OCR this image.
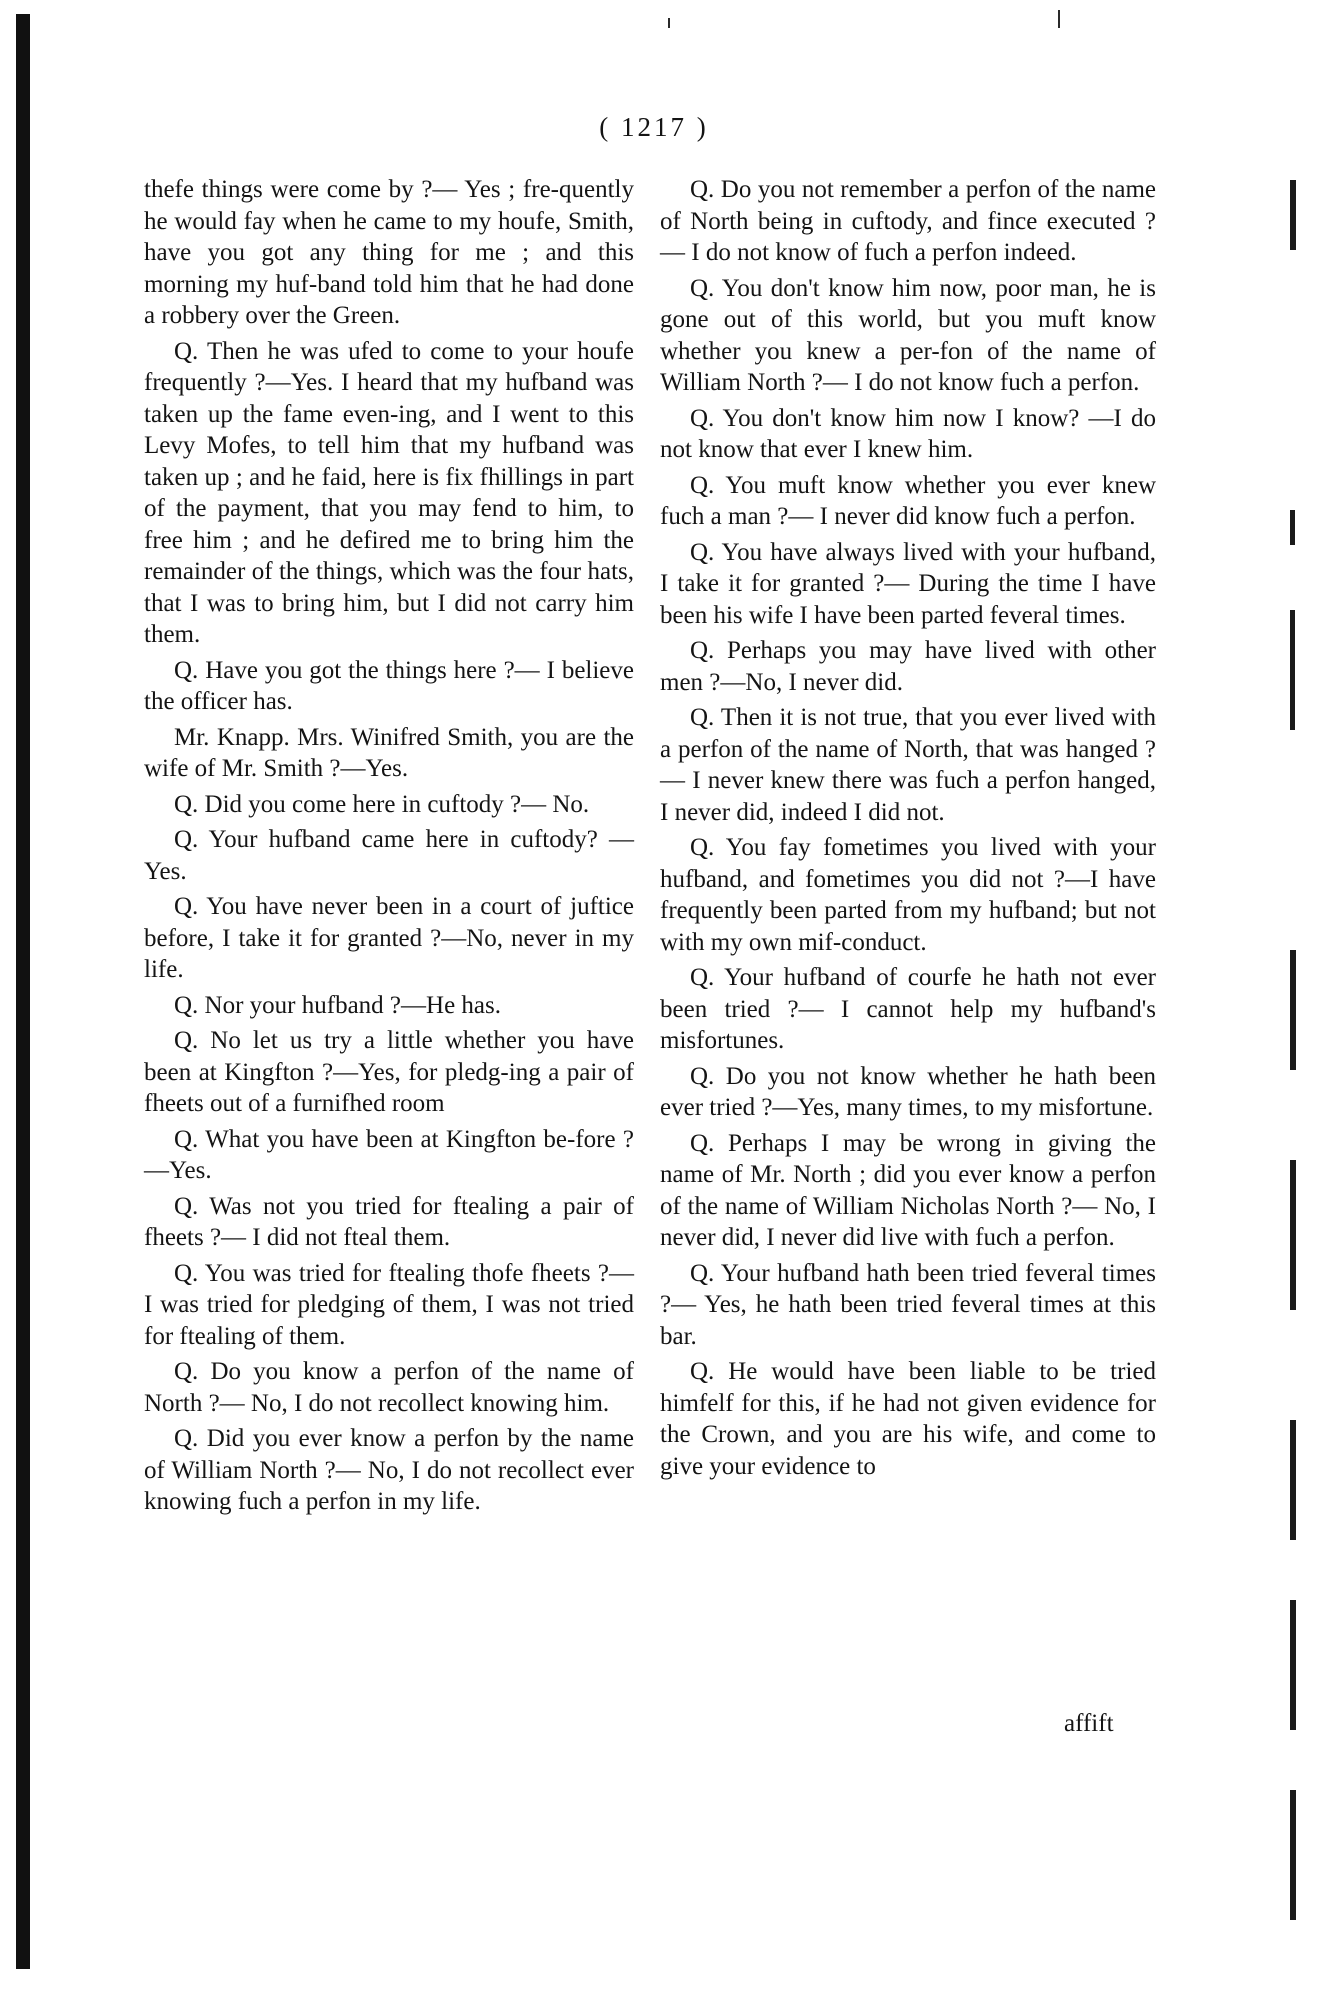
( 1217 )

thefe things were come by ?— Yes ; fre-quently he would fay when he came to my houfe, Smith, have you got any thing for me ; and this morning my huf-band told him that he had done a robbery over the Green.

Q. Then he was ufed to come to your houfe frequently ?—Yes. I heard that my hufband was taken up the fame even-ing, and I went to this Levy Mofes, to tell him that my hufband was taken up ; and he faid, here is fix fhillings in part of the payment, that you may fend to him, to free him ; and he defired me to bring him the remainder of the things, which was the four hats, that I was to bring him, but I did not carry him them.

Q. Have you got the things here ?— I believe the officer has.

Mr. Knapp. Mrs. Winifred Smith, you are the wife of Mr. Smith ?—Yes.

Q. Did you come here in cuftody ?— No.

Q. Your hufband came here in cuftody? —Yes.

Q. You have never been in a court of juftice before, I take it for granted ?—No, never in my life.

Q. Nor your hufband ?—He has.

Q. No let us try a little whether you have been at Kingfton ?—Yes, for pledg-ing a pair of fheets out of a furnifhed room

Q. What you have been at Kingfton be-fore ?—Yes.

Q. Was not you tried for ftealing a pair of fheets ?— I did not fteal them.

Q. You was tried for ftealing thofe fheets ?— I was tried for pledging of them, I was not tried for ftealing of them.

Q. Do you know a perfon of the name of North ?— No, I do not recollect knowing him.

Q. Did you ever know a perfon by the name of William North ?— No, I do not recollect ever knowing fuch a perfon in my life.

Q. Do you not remember a perfon of the name of North being in cuftody, and fince executed ?— I do not know of fuch a perfon indeed.

Q. You don't know him now, poor man, he is gone out of this world, but you muft know whether you knew a per-fon of the name of William North ?— I do not know fuch a perfon.

Q. You don't know him now I know? —I do not know that ever I knew him.

Q. You muft know whether you ever knew fuch a man ?— I never did know fuch a perfon.

Q. You have always lived with your hufband, I take it for granted ?— During the time I have been his wife I have been parted feveral times.

Q. Perhaps you may have lived with other men ?—No, I never did.

Q. Then it is not true, that you ever lived with a perfon of the name of North, that was hanged ?— I never knew there was fuch a perfon hanged, I never did, indeed I did not.

Q. You fay fometimes you lived with your hufband, and fometimes you did not ?—I have frequently been parted from my hufband; but not with my own mif-conduct.

Q. Your hufband of courfe he hath not ever been tried ?— I cannot help my hufband's misfortunes.

Q. Do you not know whether he hath been ever tried ?—Yes, many times, to my misfortune.

Q. Perhaps I may be wrong in giving the name of Mr. North ; did you ever know a perfon of the name of William Nicholas North ?— No, I never did, I never did live with fuch a perfon.

Q. Your hufband hath been tried feveral times ?— Yes, he hath been tried feveral times at this bar.

Q. He would have been liable to be tried himfelf for this, if he had not given evidence for the Crown, and you are his wife, and come to give your evidence to

affift
